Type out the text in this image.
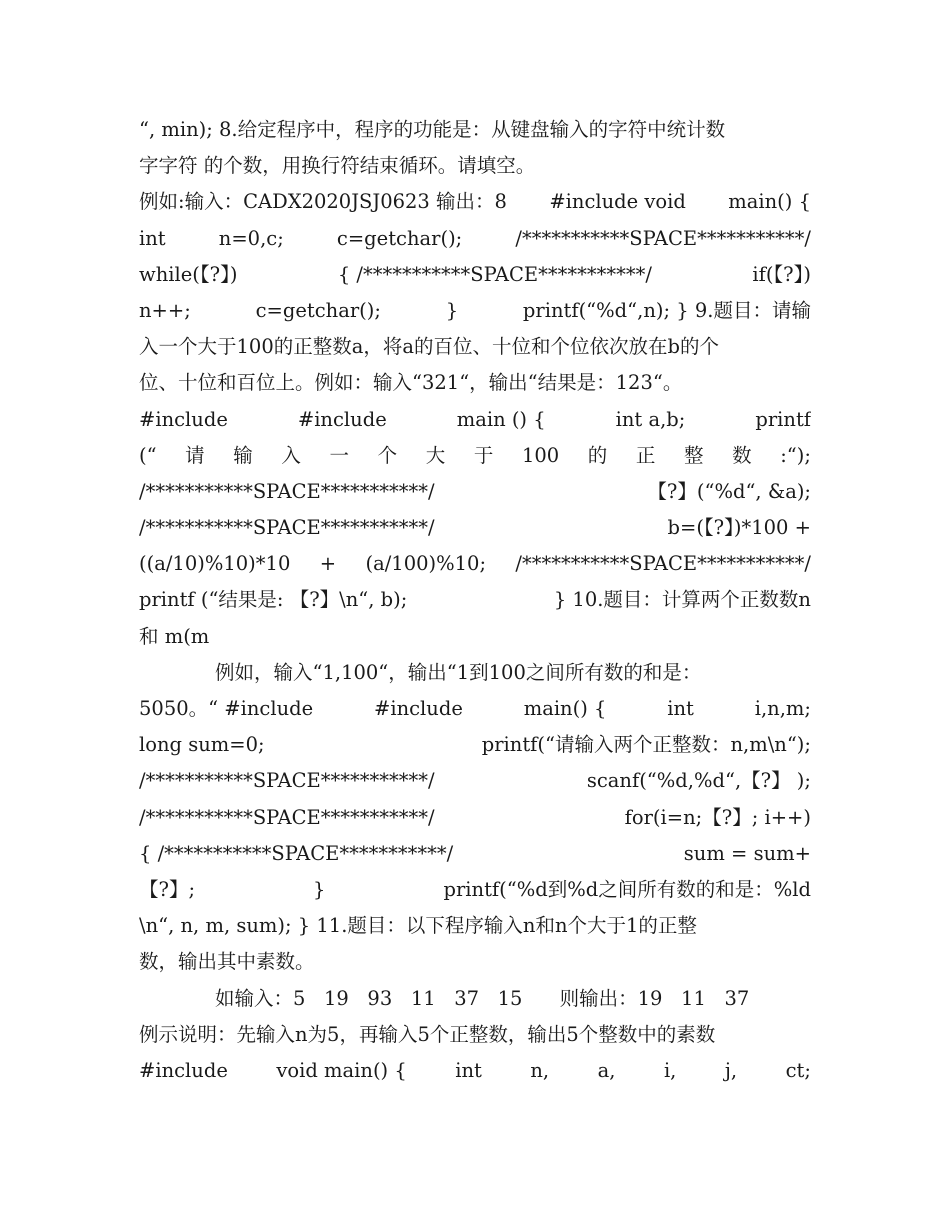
“, min); 8.给定程序中，程序的功能是：从键盘输入的字符中统计数
字字符 的个数，用换行符结束循环。请填空。
例如:输入：CADX2020JSJ0623 输出：8 #include void main() {
int	n=0,c;	c=getchar();	/***********SPACE***********/
while(【?】)	{ /***********SPACE***********/	if(【?】)
n++;	c=getchar();	}	printf(“%d“,n); } 9.题目：请输
入一个大于100的正整数a，将a的百位、十位和个位依次放在b的个
位、十位和百位上。例如：输入“321“，输出“结果是：123“。
#include	#include	main () {	int a,b;	printf
(“ 请 输 入 一 个 大 于 100 的 正 整 数 :“);
/***********SPACE***********/	【?】(“%d“, &a);
/***********SPACE***********/	b=(【?】)*100 +
((a/10)%10)*10 + (a/100)%10; /***********SPACE***********/
printf (“结果是: 【?】\n“, b);	} 10.题目：计算两个正数数n
和 m(m
例如，输入“1,100“，输出“1到100之间所有数的和是：
5050。“ #include	#include	main() {	int	i,n,m;
long sum=0;	printf(“请输入两个正整数：n,m\n“);
/***********SPACE***********/	scanf(“%d,%d“,【?】 );
/***********SPACE***********/	for(i=n;【?】; i++)
{ /***********SPACE***********/	sum = sum+
【?】;	}	printf(“%d到%d之间所有数的和是：%ld
\n“, n, m, sum); } 11.题目：以下程序输入n和n个大于1的正整
数，输出其中素数。
如输入：5   19   93   11   37   15      则输出：19   11   37
例示说明：先输入n为5，再输入5个正整数，输出5个整数中的素数
#include void main() { int n, a, i, j, ct;
